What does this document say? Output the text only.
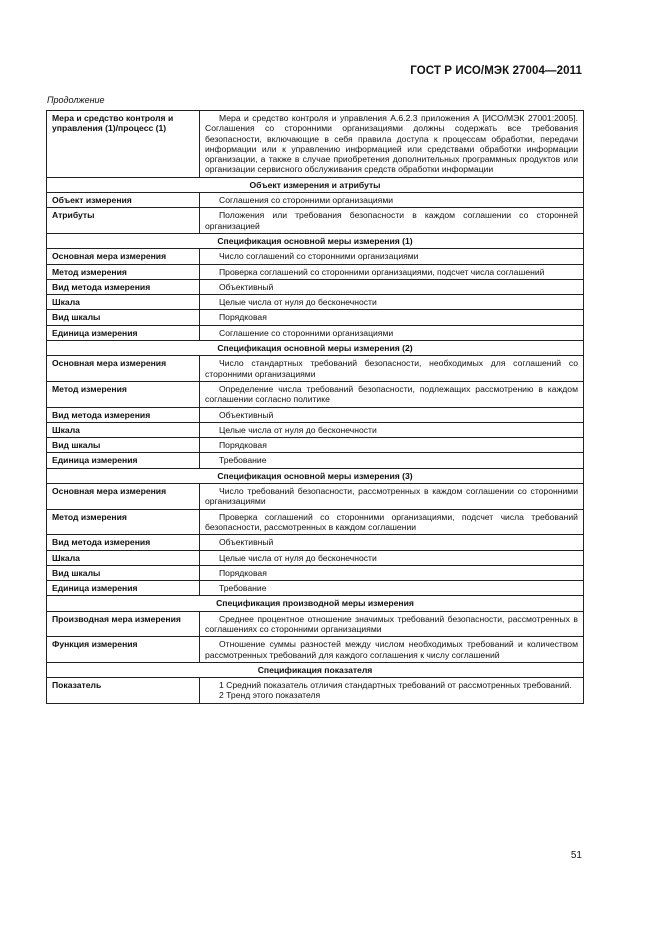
ГОСТ Р ИСО/МЭК 27004—2011
Продолжение
Мера и средство контроля и управления (1)/процесс (1)	Мера и средство контроля и управления А.6.2.3 приложения А [ИСО/МЭК 27001:2005]. Соглашения со сторонними организациями должны содержать все требования безопасности, включающие в себя правила доступа к процессам обработки, передачи информации или к управлению информацией или средствами обработки информации организации, а также в случае приобретения дополнительных программных продуктов или организации сервисного обслуживания средств обработки информации
Объект измерения и атрибуты	
Объект измерения	Соглашения со сторонними организациями
Атрибуты	Положения или требования безопасности в каждом соглашении со сторонней организацией
Спецификация основной меры измерения (1)	
Основная мера измерения	Число соглашений со сторонними организациями
Метод измерения	Проверка соглашений со сторонними организациями, подсчет числа соглашений
Вид метода измерения	Объективный
Шкала	Целые числа от нуля до бесконечности
Вид шкалы	Порядковая
Единица измерения	Соглашение со сторонними организациями
Спецификация основной меры измерения (2)	
Основная мера измерения	Число стандартных требований безопасности, необходимых для соглашений со сторонними организациями
Метод измерения	Определение числа требований безопасности, подлежащих рассмотрению в каждом соглашении согласно политике
Вид метода измерения	Объективный
Шкала	Целые числа от нуля до бесконечности
Вид шкалы	Порядковая
Единица измерения	Требование
Спецификация основной меры измерения (3)	
Основная мера измерения	Число требований безопасности, рассмотренных в каждом соглашении со сторонними организациями
Метод измерения	Проверка соглашений со сторонними организациями, подсчет числа требований безопасности, рассмотренных в каждом соглашении
Вид метода измерения	Объективный
Шкала	Целые числа от нуля до бесконечности
Вид шкалы	Порядковая
Единица измерения	Требование
Спецификация производной меры измерения	
Производная мера измерения	Среднее процентное отношение значимых требований безопасности, рассмотренных в соглашениях со сторонними организациями
Функция измерения	Отношение суммы разностей между числом необходимых требований и количеством рассмотренных требований для каждого соглашения к числу соглашений
Спецификация показателя	
Показатель	1 Средний показатель отличия стандартных требований от рассмотренных требований.
2 Тренд этого показателя
51
